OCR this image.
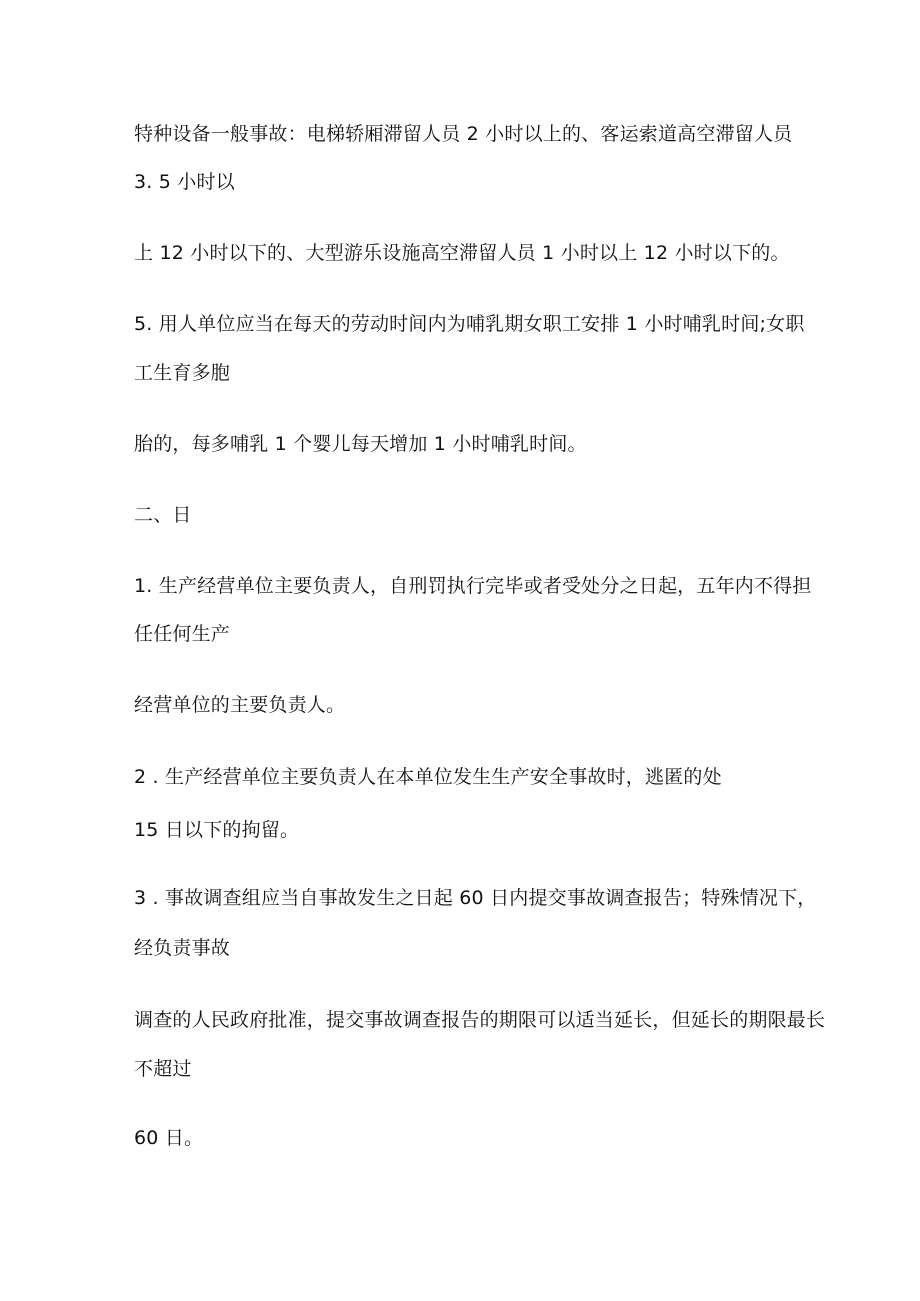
特种设备一般事故：电梯轿厢滞留人员 2 小时以上的、客运索道高空滞留人员
3. 5 小时以
上 12 小时以下的、大型游乐设施高空滞留人员 1 小时以上 12 小时以下的。
5. 用人单位应当在每天的劳动时间内为哺乳期女职工安排 1 小时哺乳时间;女职
工生育多胞
胎的，每多哺乳 1 个婴儿每天增加 1 小时哺乳时间。
二、日
1. 生产经营单位主要负责人，自刑罚执行完毕或者受处分之日起，五年内不得担
任任何生产
经营单位的主要负责人。
2 . 生产经营单位主要负责人在本单位发生生产安全事故时，逃匿的处
15 日以下的拘留。
3 . 事故调查组应当自事故发生之日起 60 日内提交事故调查报告；特殊情况下，
经负责事故
调查的人民政府批准，提交事故调查报告的期限可以适当延长，但延长的期限最长
不超过
60 日。
